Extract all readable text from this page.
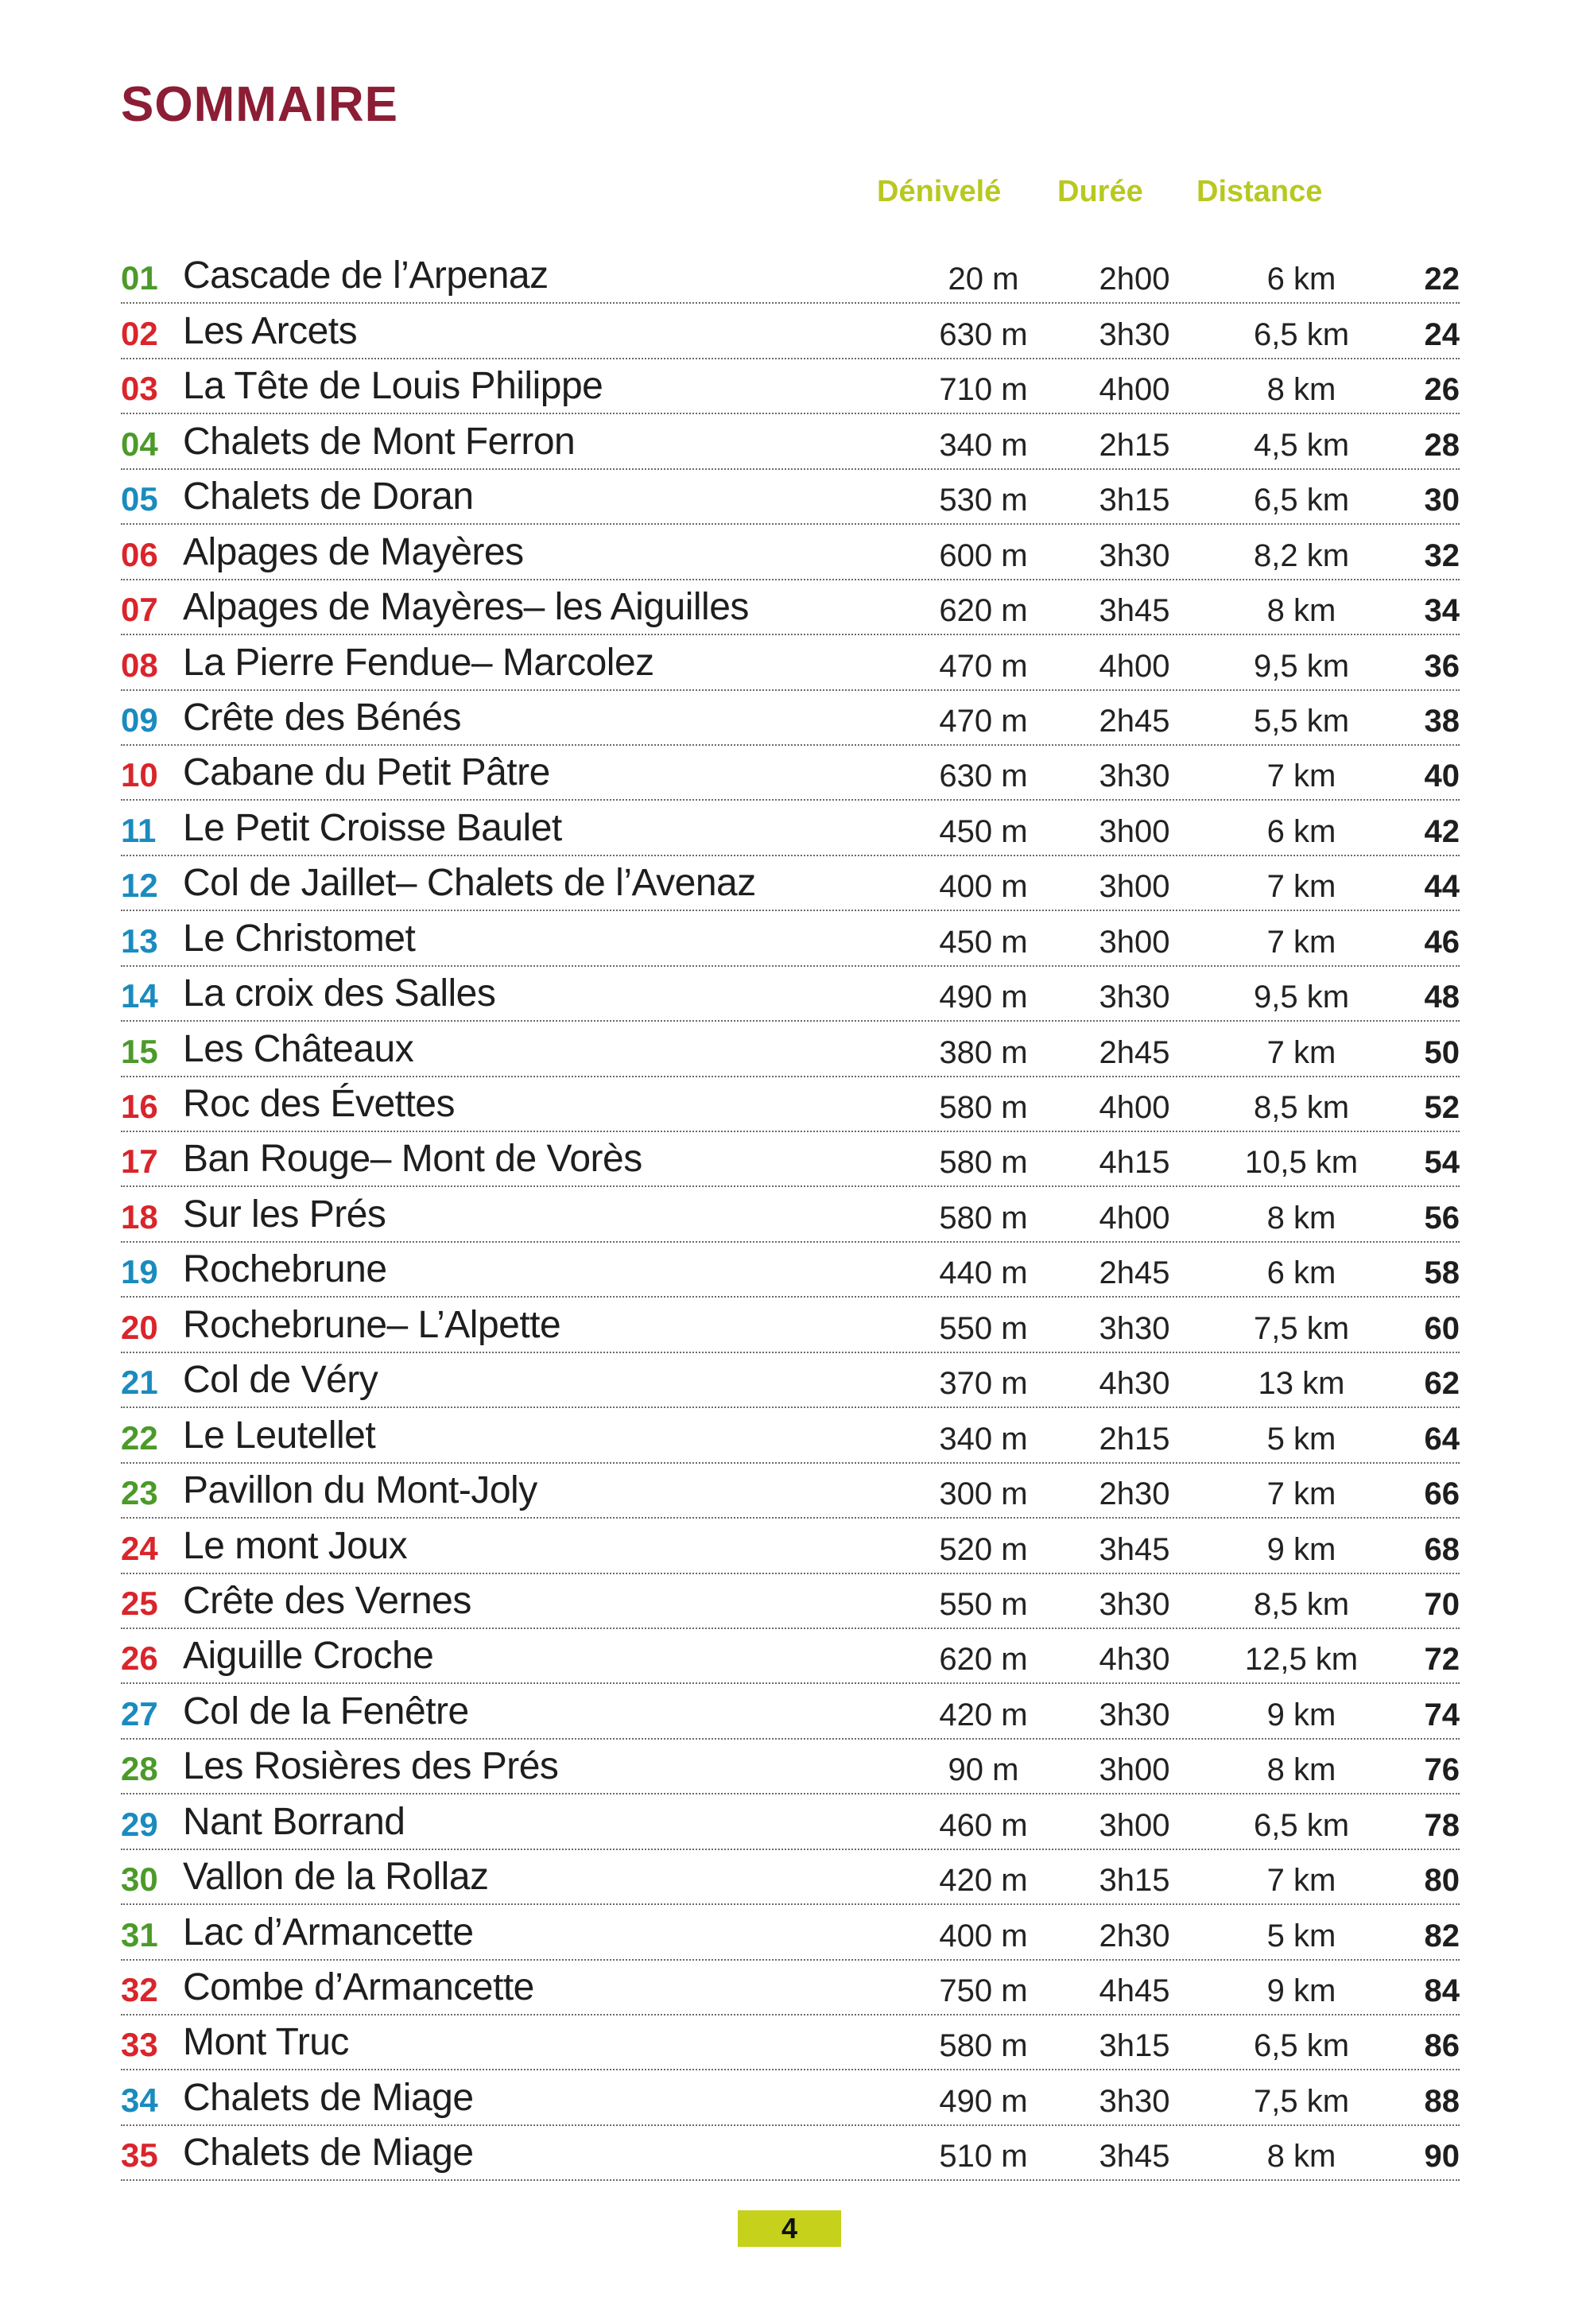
SOMMAIRE
Dénivelé Durée Distance
01 Cascade de l’Arpenaz	20 m	2h00	6 km	22
02 Les Arcets	630 m	3h30	6,5 km	24
03 La Tête de Louis Philippe	710 m	4h00	8 km	26
04 Chalets de Mont Ferron	340 m	2h15	4,5 km	28
05 Chalets de Doran	530 m	3h15	6,5 km	30
06 Alpages de Mayères	600 m	3h30	8,2 km	32
07 Alpages de Mayères– les Aiguilles	620 m	3h45	8 km	34
08 La Pierre Fendue– Marcolez	470 m	4h00	9,5 km	36
09 Crête des Bénés	470 m	2h45	5,5 km	38
10 Cabane du Petit Pâtre	630 m	3h30	7 km	40
11 Le Petit Croisse Baulet	450 m	3h00	6 km	42
12 Col de Jaillet– Chalets de l’Avenaz	400 m	3h00	7 km	44
13 Le Christomet	450 m	3h00	7 km	46
14 La croix des Salles	490 m	3h30	9,5 km	48
15 Les Châteaux	380 m	2h45	7 km	50
16 Roc des Évettes	580 m	4h00	8,5 km	52
17 Ban Rouge– Mont de Vorès	580 m	4h15	10,5 km	54
18 Sur les Prés	580 m	4h00	8 km	56
19 Rochebrune	440 m	2h45	6 km	58
20 Rochebrune– L’Alpette	550 m	3h30	7,5 km	60
21 Col de Véry	370 m	4h30	13 km	62
22 Le Leutellet	340 m	2h15	5 km	64
23 Pavillon du Mont-Joly	300 m	2h30	7 km	66
24 Le mont Joux	520 m	3h45	9 km	68
25 Crête des Vernes	550 m	3h30	8,5 km	70
26 Aiguille Croche	620 m	4h30	12,5 km	72
27 Col de la Fenêtre	420 m	3h30	9 km	74
28 Les Rosières des Prés	90 m	3h00	8 km	76
29 Nant Borrand	460 m	3h00	6,5 km	78
30 Vallon de la Rollaz	420 m	3h15	7 km	80
31 Lac d’Armancette	400 m	2h30	5 km	82
32 Combe d’Armancette	750 m	4h45	9 km	84
33 Mont Truc	580 m	3h15	6,5 km	86
34 Chalets de Miage	490 m	3h30	7,5 km	88
35 Chalets de Miage	510 m	3h45	8 km	90
4
